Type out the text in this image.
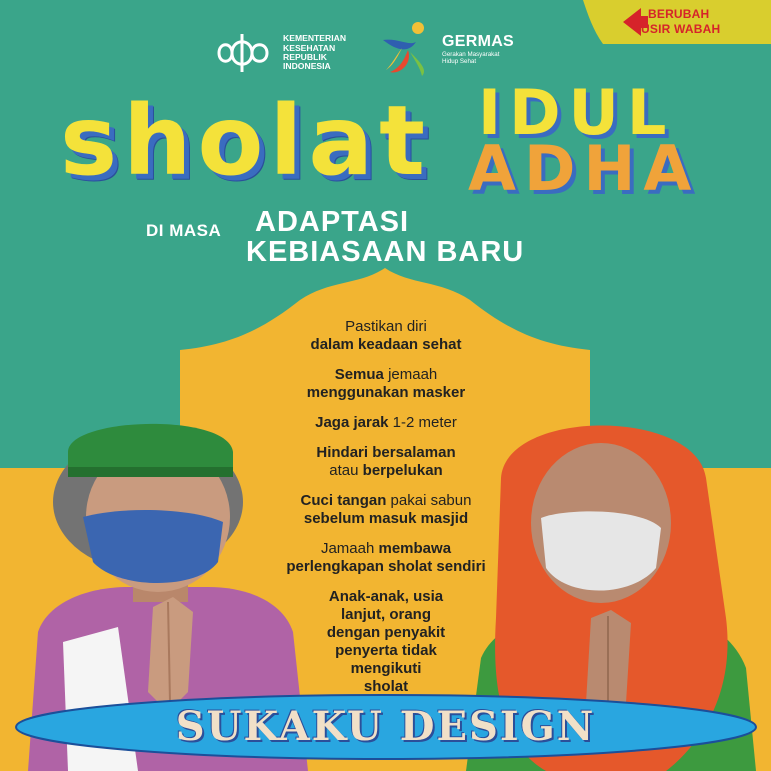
KEMENTERIAN
KESEHATAN
REPUBLIK
INDONESIA
GERMAS
Gerakan Masyarakat
Hidup Sehat
BERUBAH
USIR WABAH
sholat IDUL
ADHA
DI MASA ADAPTASI
KEBIASAAN BARU
Pastikan diri
dalam keadaan sehat
Semua jemaah
menggunakan masker
Jaga jarak 1-2 meter
Hindari bersalaman
atau berpelukan
Cuci tangan pakai sabun
sebelum masuk masjid
Jamaah membawa
perlengkapan sholat sendiri
Anak-anak, usia
lanjut, orang
dengan penyakit
penyerta tidak
mengikuti
sholat
SUKAKU DESIGN
